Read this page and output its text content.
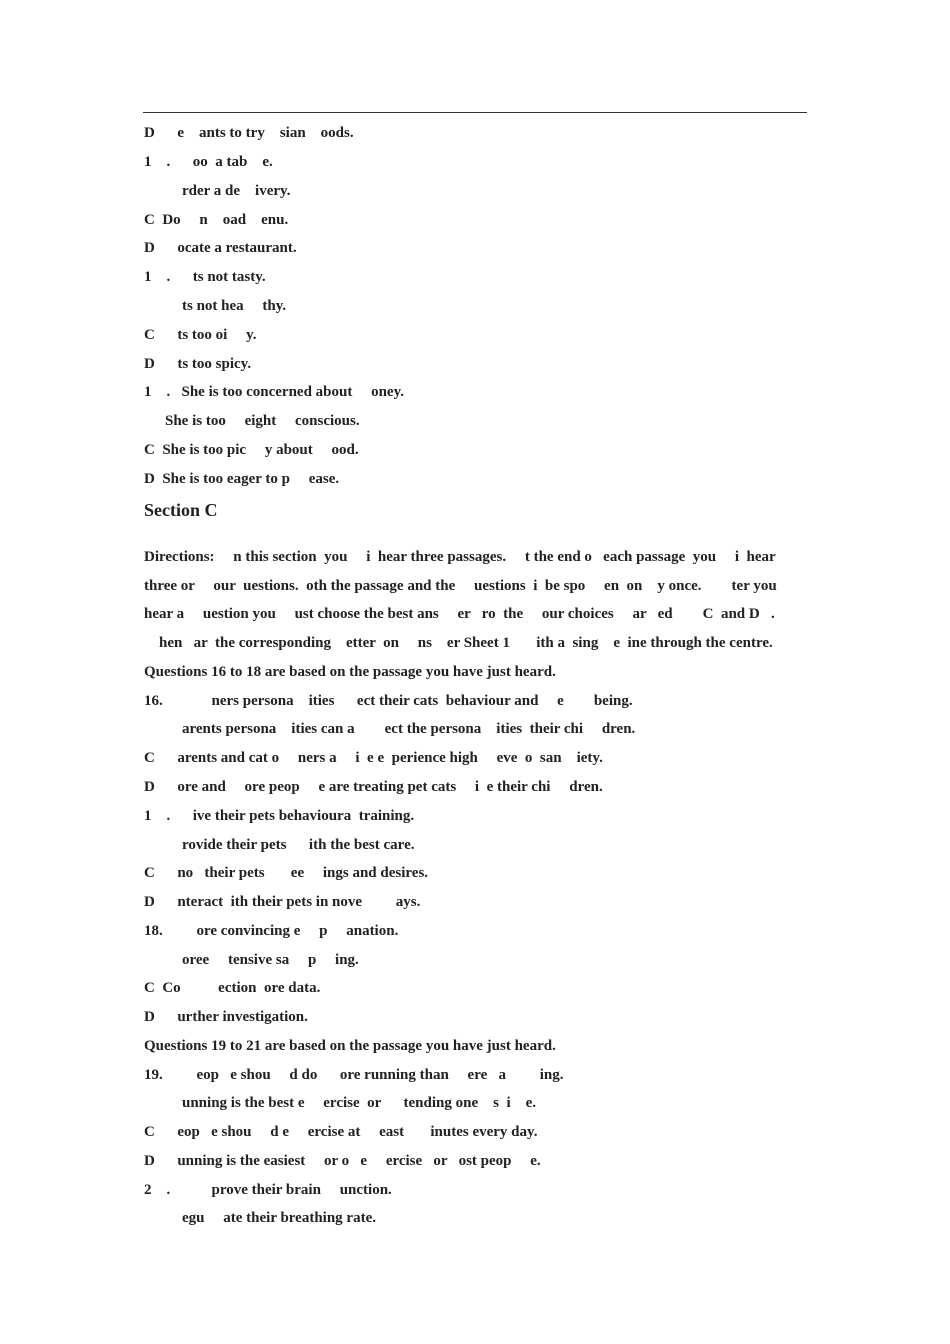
D      e    ants to try    sian    oods.
1    .      oo  a tab    e.
rder a de    ivery.
C  Do     n    oad    enu.
D      ocate a restaurant.
1    .      ts not tasty.
ts not hea     thy.
C      ts too oi     y.
D      ts too spicy.
1    .   She is too concerned about     oney.
She is too     eight     conscious.
C  She is too pic     y about     ood.
D  She is too eager to p     ease.
Section C
Directions:     n this section  you     i  hear three passages.     t the end o   each passage  you     i  hear
three or     our  uestions.  oth the passage and the     uestions  i  be spo     en  on    y once.        ter you
hear a     uestion you     ust choose the best ans     er   ro  the     our choices     ar   ed        C  and D   .
hen   ar  the corresponding    etter  on     ns    er Sheet 1       ith a  sing    e  ine through the centre.
Questions 16 to 18 are based on the passage you have just heard.
16.             ners persona    ities      ect their cats  behaviour and     e        being.
arents persona    ities can a        ect the persona    ities  their chi     dren.
C      arents and cat o     ners a     i  e e  perience high     eve  o  san    iety.
D      ore and     ore peop     e are treating pet cats     i  e their chi     dren.
1    .      ive their pets behavioura  training.
rovide their pets      ith the best care.
C      no   their pets       ee     ings and desires.
D      nteract  ith their pets in nove         ays.
18.         ore convincing e     p     anation.
oree     tensive sa     p     ing.
C  Co          ection  ore data.
D      urther investigation.
Questions 19 to 21 are based on the passage you have just heard.
19.         eop   e shou     d do      ore running than     ere   a         ing.
unning is the best e     ercise  or      tending one    s  i    e.
C      eop   e shou     d e     ercise at     east       inutes every day.
D      unning is the easiest     or o   e     ercise   or   ost peop     e.
2    .           prove their brain     unction.
egu     ate their breathing rate.
